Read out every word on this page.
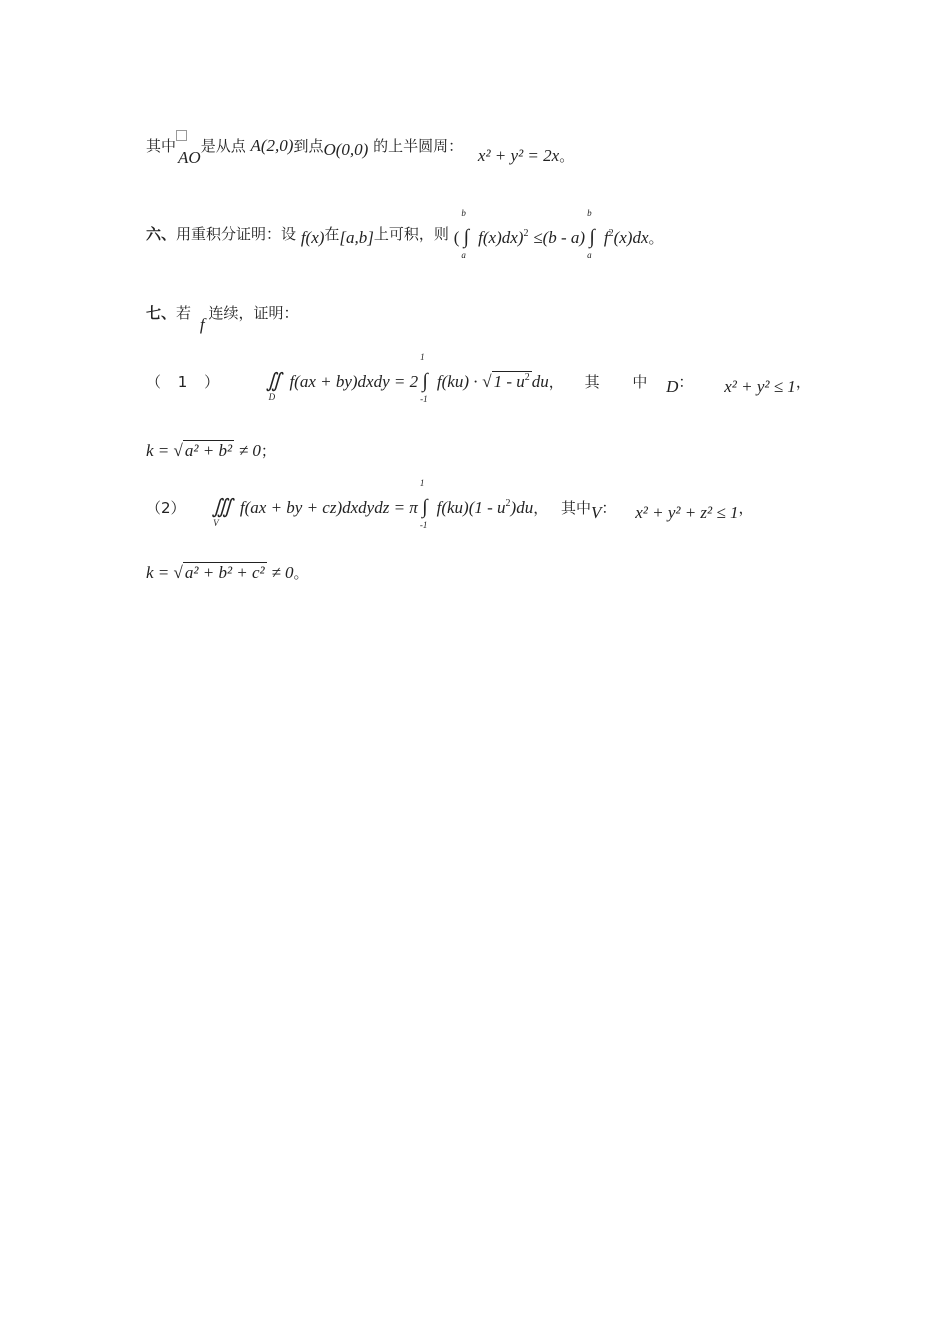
其中AO是从点 A(2,0)到点O(0,0) 的上半圆周： x² + y² = 2x。
六、用重积分证明：设 f(x)在[a,b]上可积，则 ( ∫
b
a
f(x)dx)$^2$ ≤(b - a) ∫
b
a
$f^2(x)dx$。
七、若 f连续，证明：
（ 1 ） ∬
D
f(ax + by)dxdy = 2 ∫
1
-1
f(ku) · √ $1 - u^2$ du， 其 中 D： x² + y² ≤ 1，
k = √ a² + b² ≠ 0；
（2） ∭
V
f(ax + by + cz)dxdydz = π ∫
1
-1
$f(ku)(1 - u^2)du$， 其中V： x² + y² + z² ≤ 1，
k = √ a² + b² + c² ≠ 0。
